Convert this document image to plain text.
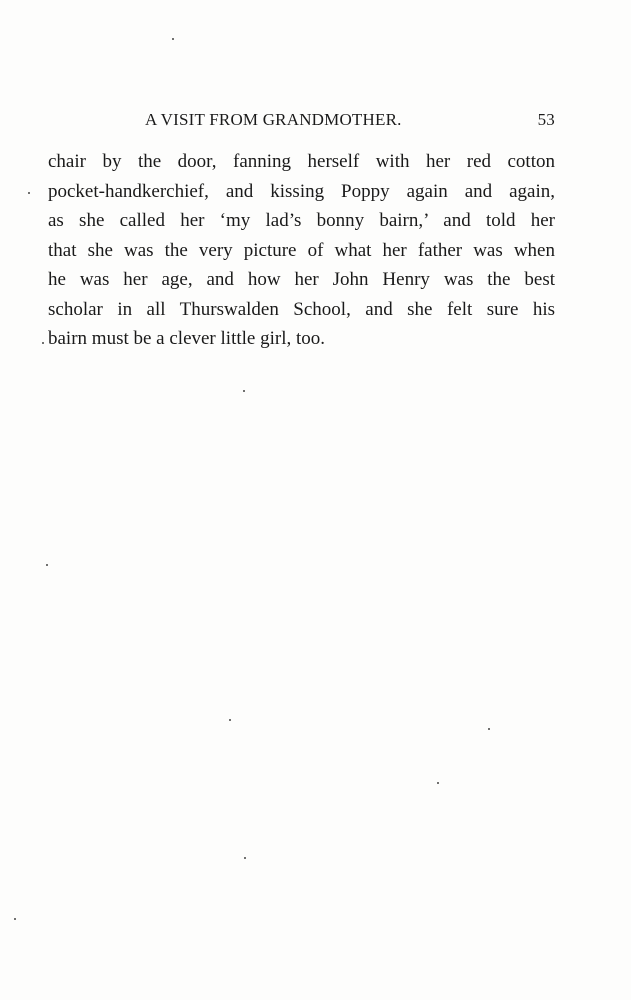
A VISIT FROM GRANDMOTHER.	53
chair by the door, fanning herself with her red cotton
pocket-handkerchief, and kissing Poppy again and again,
as she called her ‘my lad’s bonny bairn,’ and told her
that she was the very picture of what her father was when
he was her age, and how her John Henry was the best
scholar in all Thurswalden School, and she felt sure his
bairn must be a clever little girl, too.
